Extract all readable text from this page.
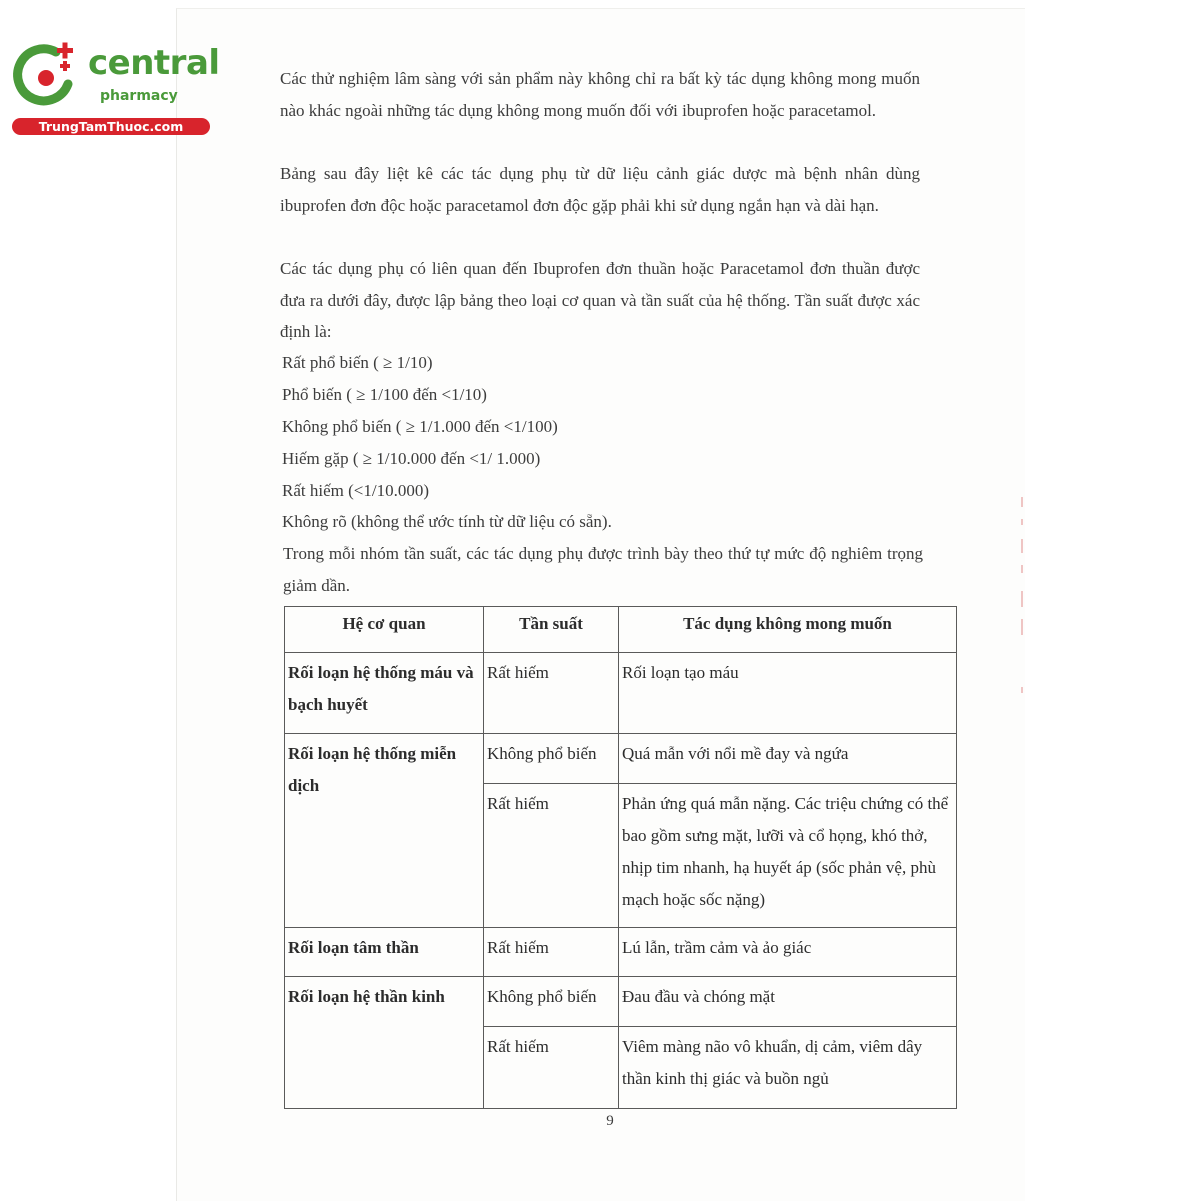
central
pharmacy
TrungTamThuoc.com

Các thử nghiệm lâm sàng với sản phẩm này không chỉ ra bất kỳ tác dụng không mong muốn nào khác ngoài những tác dụng không mong muốn đối với ibuprofen hoặc paracetamol.

Bảng sau đây liệt kê các tác dụng phụ từ dữ liệu cảnh giác dược mà bệnh nhân dùng ibuprofen đơn độc hoặc paracetamol đơn độc gặp phải khi sử dụng ngắn hạn và dài hạn.

Các tác dụng phụ có liên quan đến Ibuprofen đơn thuần hoặc Paracetamol đơn thuần được đưa ra dưới đây, được lập bảng theo loại cơ quan và tần suất của hệ thống. Tần suất được xác định là:

Rất phổ biến ( ≥ 1/10)
Phổ biến ( ≥ 1/100 đến <1/10)
Không phổ biến ( ≥ 1/1.000 đến <1/100)
Hiếm gặp ( ≥ 1/10.000 đến <1/ 1.000)
Rất hiếm (<1/10.000)
Không rõ (không thể ước tính từ dữ liệu có sẵn).

Trong mỗi nhóm tần suất, các tác dụng phụ được trình bày theo thứ tự mức độ nghiêm trọng giảm dần.

Hệ cơ quan	Tần suất	Tác dụng không mong muốn
Rối loạn hệ thống máu và bạch huyết	Rất hiếm	Rối loạn tạo máu
Rối loạn hệ thống miễn dịch	Không phổ biến	Quá mẫn với nổi mề đay và ngứa
	Rất hiếm	Phản ứng quá mẫn nặng. Các triệu chứng có thể bao gồm sưng mặt, lưỡi và cổ họng, khó thở, nhịp tim nhanh, hạ huyết áp (sốc phản vệ, phù mạch hoặc sốc nặng)
Rối loạn tâm thần	Rất hiếm	Lú lẫn, trầm cảm và ảo giác
Rối loạn hệ thần kinh	Không phổ biến	Đau đầu và chóng mặt
	Rất hiếm	Viêm màng não vô khuẩn, dị cảm, viêm dây thần kinh thị giác và buồn ngủ
9
